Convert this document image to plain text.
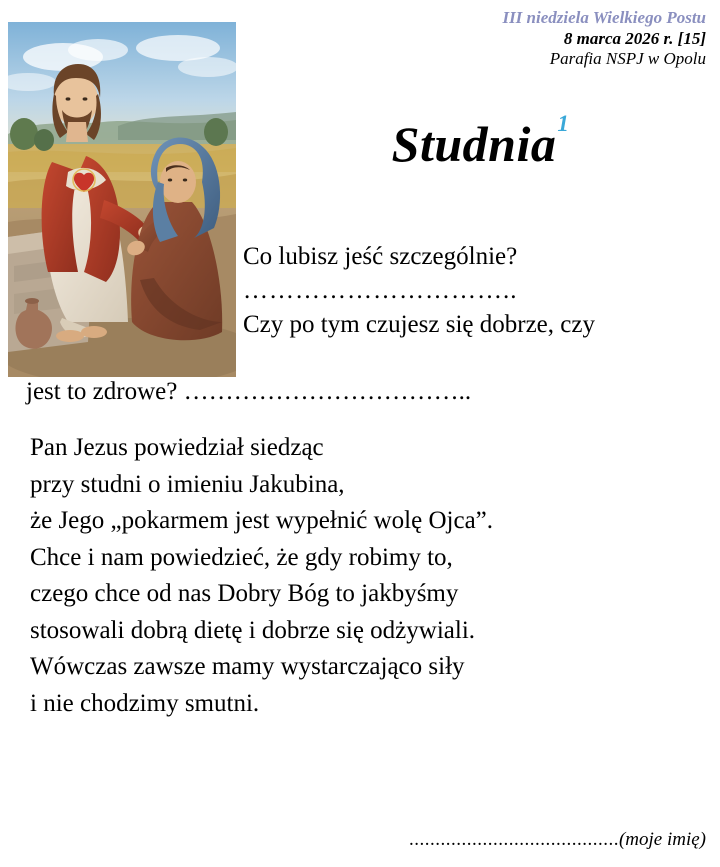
III niedziela Wielkiego Postu
8 marca 2026 r. [15]
Parafia NSPJ w Opolu
Studnia$^1$
Co lubisz jeść szczególnie?
…………………………..
Czy po tym czujesz się dobrze, czy
jest to zdrowe? ……………………………..
Pan Jezus powiedział siedząc
przy studni o imieniu Jakubina,
że Jego „pokarmem jest wypełnić wolę Ojca”.
Chce i nam powiedzieć, że gdy robimy to,
czego chce od nas Dobry Bóg to jakbyśmy
stosowali dobrą dietę i dobrze się odżywiali.
Wówczas zawsze mamy wystarczająco siły
i nie chodzimy smutni.
........................................(moje imię)
